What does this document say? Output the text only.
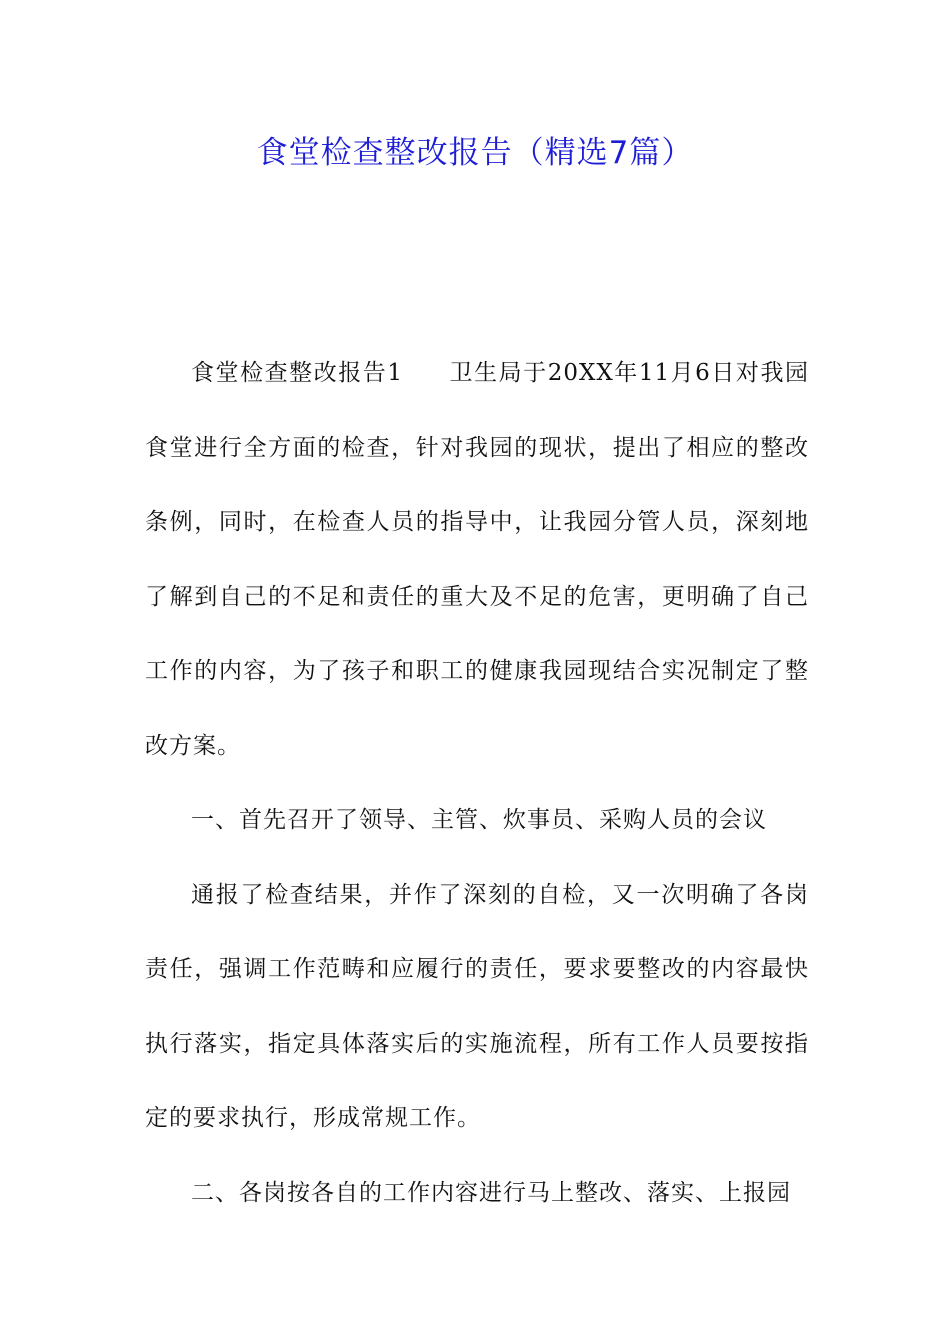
食堂检查整改报告（精选7篇）

食堂检查整改报告1 卫生局于20XX年11月6日对我园食堂进行全方面的检查，针对我园的现状，提出了相应的整改条例，同时，在检查人员的指导中，让我园分管人员，深刻地了解到自己的不足和责任的重大及不足的危害，更明确了自己工作的内容，为了孩子和职工的健康我园现结合实况制定了整改方案。

一、首先召开了领导、主管、炊事员、采购人员的会议

通报了检查结果，并作了深刻的自检，又一次明确了各岗责任，强调工作范畴和应履行的责任，要求要整改的内容最快执行落实，指定具体落实后的实施流程，所有工作人员要按指定的要求执行，形成常规工作。

二、各岗按各自的工作内容进行马上整改、落实、上报园
